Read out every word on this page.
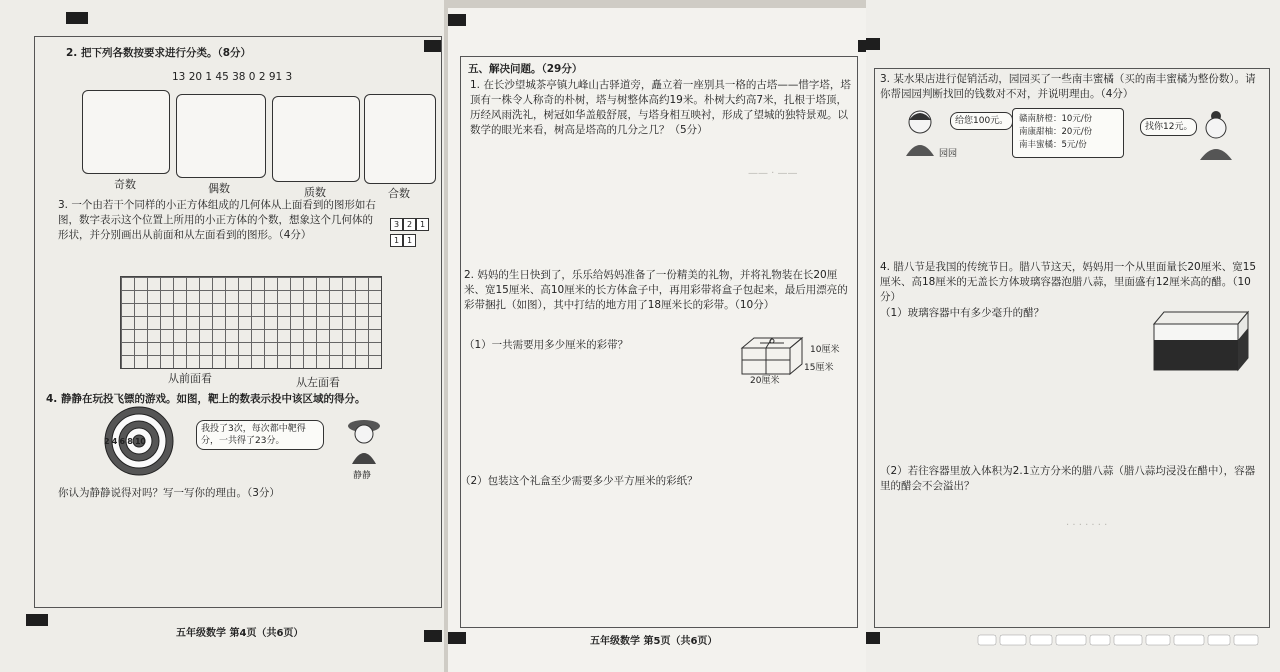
2. 把下列各数按要求进行分类。（8分）
13 20 1 45 38 0 2 91 3
奇数	偶数	质数	合数
3. 一个由若干个同样的小正方体组成的几何体从上面看到的图形如右图，数字表示这个位置上所用的小正方体的个数，想象这个几何体的形状，并分别画出从前面和从左面看到的图形。（4分）
3 2 1
1 1
从前面看	从左面看
4. 静静在玩投飞镖的游戏。如图，靶上的数表示投中该区域的得分。
2 4 6 8 10
我投了3次，每次都中靶得分，一共得了23分。
静静
你认为静静说得对吗？写一写你的理由。（3分）
五年级数学 第4页（共6页）
—— · ——
五、解决问题。（29分）
1. 在长沙望城茶亭镇九峰山古驿道旁，矗立着一座别具一格的古塔——惜字塔，塔顶有一株令人称奇的朴树，塔与树整体高约19米。朴树大约高7米，扎根于塔顶，历经风雨洗礼，树冠如华盖般舒展，与塔身相互映衬，形成了望城的独特景观。以数学的眼光来看，树高是塔高的几分之几？（5分）
2. 妈妈的生日快到了，乐乐给妈妈准备了一份精美的礼物，并将礼物装在长20厘米、宽15厘米、高10厘米的长方体盒子中，再用彩带将盒子包起来，最后用漂亮的彩带捆扎（如图），其中打结的地方用了18厘米长的彩带。（10分）
（1）一共需要用多少厘米的彩带？	10厘米
15厘米
20厘米
（2）包装这个礼盒至少需要多少平方厘米的彩纸？
五年级数学 第5页（共6页）
3. 某水果店进行促销活动，园园买了一些南丰蜜橘（买的南丰蜜橘为整份数）。请你帮园园判断找回的钱数对不对，并说明理由。（4分）
园园
给您100元。	赣南脐橙：10元/份
南康甜柚：20元/份
南丰蜜橘：5元/份
找你12元。
4. 腊八节是我国的传统节日。腊八节这天，妈妈用一个从里面量长20厘米、宽15厘米、高18厘米的无盖长方体玻璃容器泡腊八蒜，里面盛有12厘米高的醋。（10分）
（1）玻璃容器中有多少毫升的醋？
（2）若往容器里放入体积为2.1立方分米的腊八蒜（腊八蒜均浸没在醋中），容器里的醋会不会溢出？
· · · · · · ·
